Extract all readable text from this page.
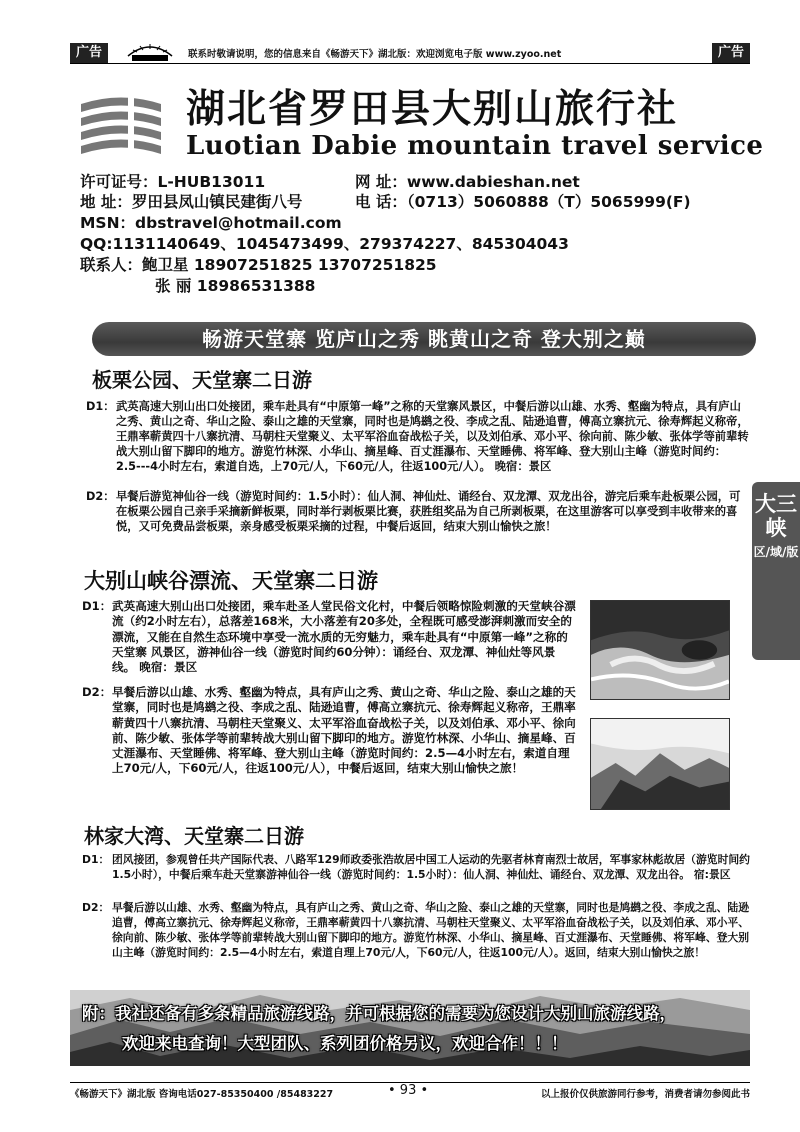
广告	联系时敬请说明，您的信息来自《畅游天下》湖北版：欢迎浏览电子版 www.zyoo.net	广告
湖北省罗田县大别山旅行社
Luotian Dabie mountain travel service
许可证号：L-HUB13011	网 址：www.dabieshan.net
地 址：罗田县凤山镇民建街八号	电 话：（0713）5060888（T）5065999(F)
MSN：dbstravel@hotmail.com
QQ:1131140649、1045473499、279374227、845304043
联系人：鲍卫星 18907251825 13707251825
张 丽 18986531388
畅游天堂寨 览庐山之秀 眺黄山之奇 登大别之巅
板栗公园、天堂寨二日游
D1： 武英高速大别山出口处接团，乘车赴具有“中原第一峰”之称的天堂寨风景区，中餐后游以山雄、水秀、壑幽为特点，具有庐山之秀、黄山之奇、华山之险、泰山之雄的天堂寨，同时也是鸠鹚之役、李成之乱、陆逊追曹，傅高立寨抗元、徐寿辉起义称帝，王鼎率蕲黄四十八寨抗清、马朝柱天堂聚义、太平军浴血奋战松子关，以及刘伯承、邓小平、徐向前、陈少敏、张体学等前辈转战大别山留下脚印的地方。游览竹林深、小华山、摘星峰、百丈涯瀑布、天堂睡佛、将军峰、登大别山主峰（游览时间约：2.5---4小时左右，索道自选，上70元/人，下60元/人，往返100元/人）。 晚宿：景区
D2： 早餐后游览神仙谷一线（游览时间约：1.5小时）：仙人洞、神仙灶、诵经台、双龙潭、双龙出谷，游完后乘车赴板栗公园，可在板栗公园自己亲手采摘新鲜板栗，同时举行剥板栗比赛，获胜组奖品为自己所剥板栗，在这里游客可以享受到丰收带来的喜悦，又可免费品尝板栗，亲身感受板栗采摘的过程，中餐后返回，结束大别山愉快之旅！
大别山峡谷漂流、天堂寨二日游
D1： 武英高速大别山出口处接团，乘车赴圣人堂民俗文化村，中餐后领略惊险刺激的天堂峡谷漂流（约2小时左右），总落差168米，大小落差有20多处，全程既可感受澎湃刺激而安全的漂流，又能在自然生态环境中享受一流水质的无穷魅力，乘车赴具有“中原第一峰”之称的天堂寨 风景区，游神仙谷一线（游览时间约60分钟）：诵经台、双龙潭、神仙灶等风景线。 晚宿：景区
D2： 早餐后游以山雄、水秀、壑幽为特点，具有庐山之秀、黄山之奇、华山之险、泰山之雄的天堂寨，同时也是鸠鹚之役、李成之乱、陆逊追曹，傅高立寨抗元、徐寿辉起义称帝，王鼎率蕲黄四十八寨抗清、马朝柱天堂聚义、太平军浴血奋战松子关，以及刘伯承、邓小平、徐向前、陈少敏、张体学等前辈转战大别山留下脚印的地方。游览竹林深、小华山、摘星峰、百丈涯瀑布、天堂睡佛、将军峰、登大别山主峰（游览时间约：2.5—4小时左右，索道自理上70元/人，下60元/人，往返100元/人），中餐后返回，结束大别山愉快之旅！
林家大湾、天堂寨二日游
D1： 团风接团，参观曾任共产国际代表、八路军129师政委张浩故居中国工人运动的先驱者林育南烈士故居，军事家林彪故居（游览时间约1.5小时），中餐后乘车赴天堂寨游神仙谷一线（游览时间约：1.5小时）：仙人洞、神仙灶、诵经台、双龙潭、双龙出谷。 宿:景区
D2： 早餐后游以山雄、水秀、壑幽为特点，具有庐山之秀、黄山之奇、华山之险、泰山之雄的天堂寨，同时也是鸠鹚之役、李成之乱、陆逊追曹，傅高立寨抗元、徐寿辉起义称帝，王鼎率蕲黄四十八寨抗清、马朝柱天堂聚义、太平军浴血奋战松子关，以及刘伯承、邓小平、徐向前、陈少敏、张体学等前辈转战大别山留下脚印的地方。游览竹林深、小华山、摘星峰、百丈涯瀑布、天堂睡佛、将军峰、登大别山主峰（游览时间约：2.5—4小时左右，索道自理上70元/人，下60元/人，往返100元/人）。返回，结束大别山愉快之旅！
大三峡
区/域/版
附：我社还备有多条精品旅游线路，并可根据您的需要为您设计大别山旅游线路，
欢迎来电查询！大型团队、系列团价格另议，欢迎合作！！！
《畅游天下》湖北版 咨询电话027-85350400 /85483227	• 93 •	以上报价仅供旅游同行参考，消费者请勿参阅此书
